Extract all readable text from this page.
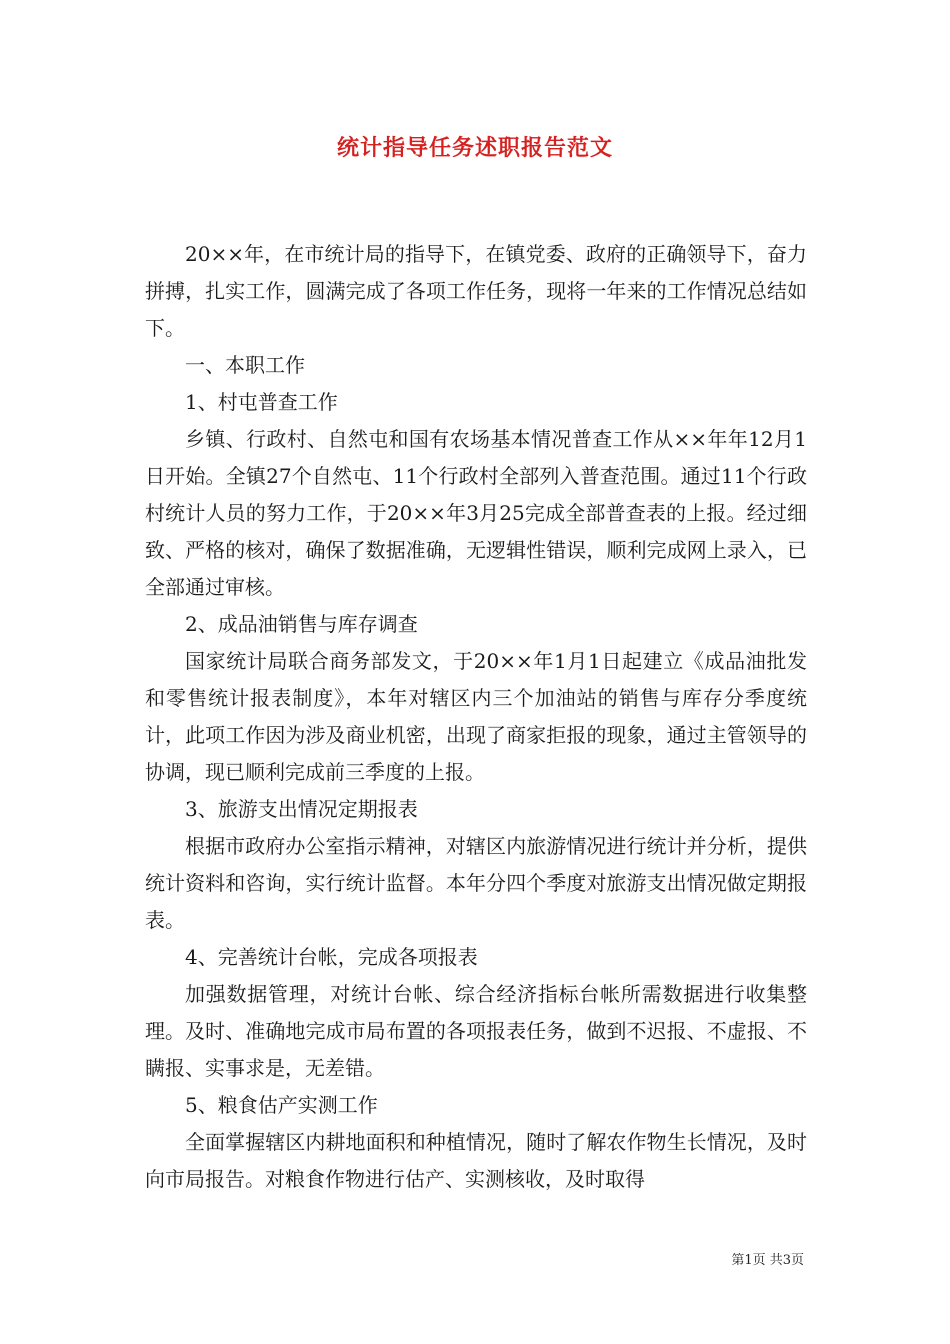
统计指导任务述职报告范文

20××年，在市统计局的指导下，在镇党委、政府的正确领导下，奋力拼搏，扎实工作，圆满完成了各项工作任务，现将一年来的工作情况总结如下。

一、本职工作

1、村屯普查工作

乡镇、行政村、自然屯和国有农场基本情况普查工作从××年年12月1日开始。全镇27个自然屯、11个行政村全部列入普查范围。通过11个行政村统计人员的努力工作，于20××年3月25完成全部普查表的上报。经过细致、严格的核对，确保了数据准确，无逻辑性错误，顺利完成网上录入，已全部通过审核。

2、成品油销售与库存调查

国家统计局联合商务部发文，于20××年1月1日起建立《成品油批发和零售统计报表制度》，本年对辖区内三个加油站的销售与库存分季度统计，此项工作因为涉及商业机密，出现了商家拒报的现象，通过主管领导的协调，现已顺利完成前三季度的上报。

3、旅游支出情况定期报表

根据市政府办公室指示精神，对辖区内旅游情况进行统计并分析，提供统计资料和咨询，实行统计监督。本年分四个季度对旅游支出情况做定期报表。

4、完善统计台帐，完成各项报表

加强数据管理，对统计台帐、综合经济指标台帐所需数据进行收集整理。及时、准确地完成市局布置的各项报表任务，做到不迟报、不虚报、不瞒报、实事求是，无差错。

5、粮食估产实测工作

全面掌握辖区内耕地面积和种植情况，随时了解农作物生长情况，及时向市局报告。对粮食作物进行估产、实测核收，及时取得

第1页 共3页
